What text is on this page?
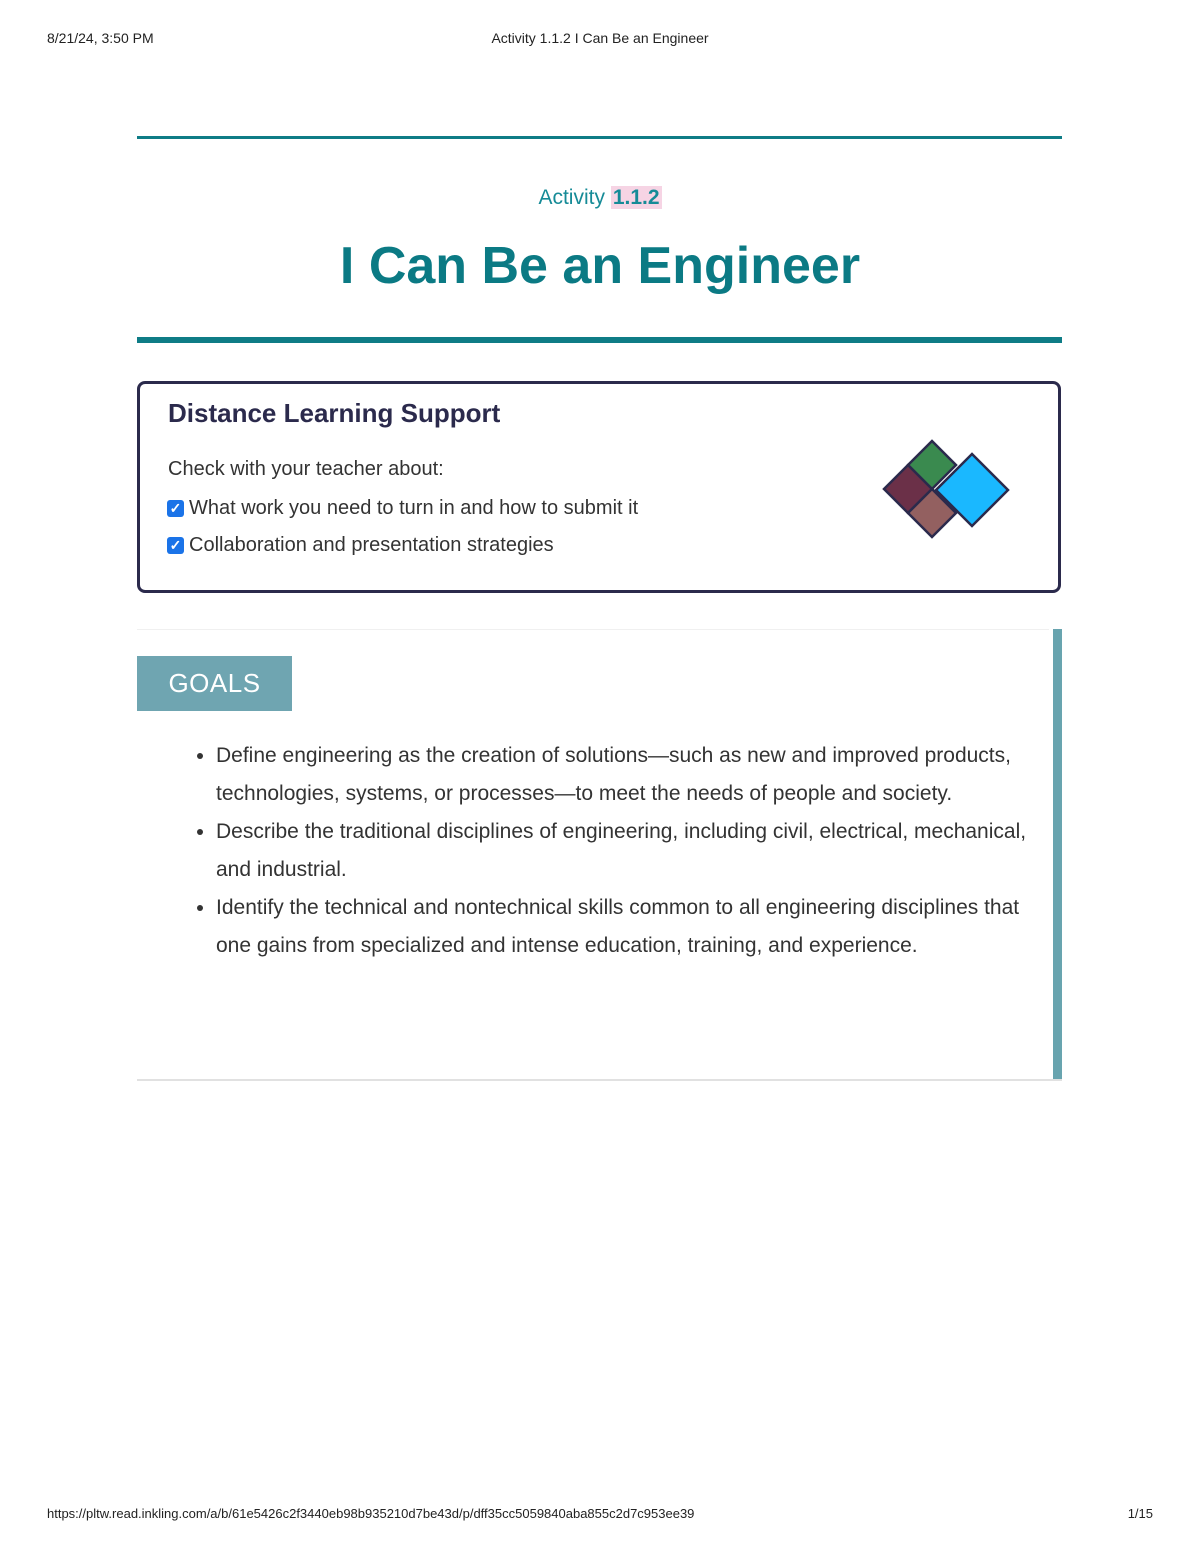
8/21/24, 3:50 PM	Activity 1.1.2 I Can Be an Engineer
Activity 1.1.2
I Can Be an Engineer
Distance Learning Support
Check with your teacher about:
✓ What work you need to turn in and how to submit it
✓ Collaboration and presentation strategies
GOALS
• Define engineering as the creation of solutions—such as new and improved products, technologies, systems, or processes—to meet the needs of people and society.
• Describe the traditional disciplines of engineering, including civil, electrical, mechanical, and industrial.
• Identify the technical and nontechnical skills common to all engineering disciplines that one gains from specialized and intense education, training, and experience.
https://pltw.read.inkling.com/a/b/61e5426c2f3440eb98b935210d7be43d/p/dff35cc5059840aba855c2d7c953ee39	1/15
